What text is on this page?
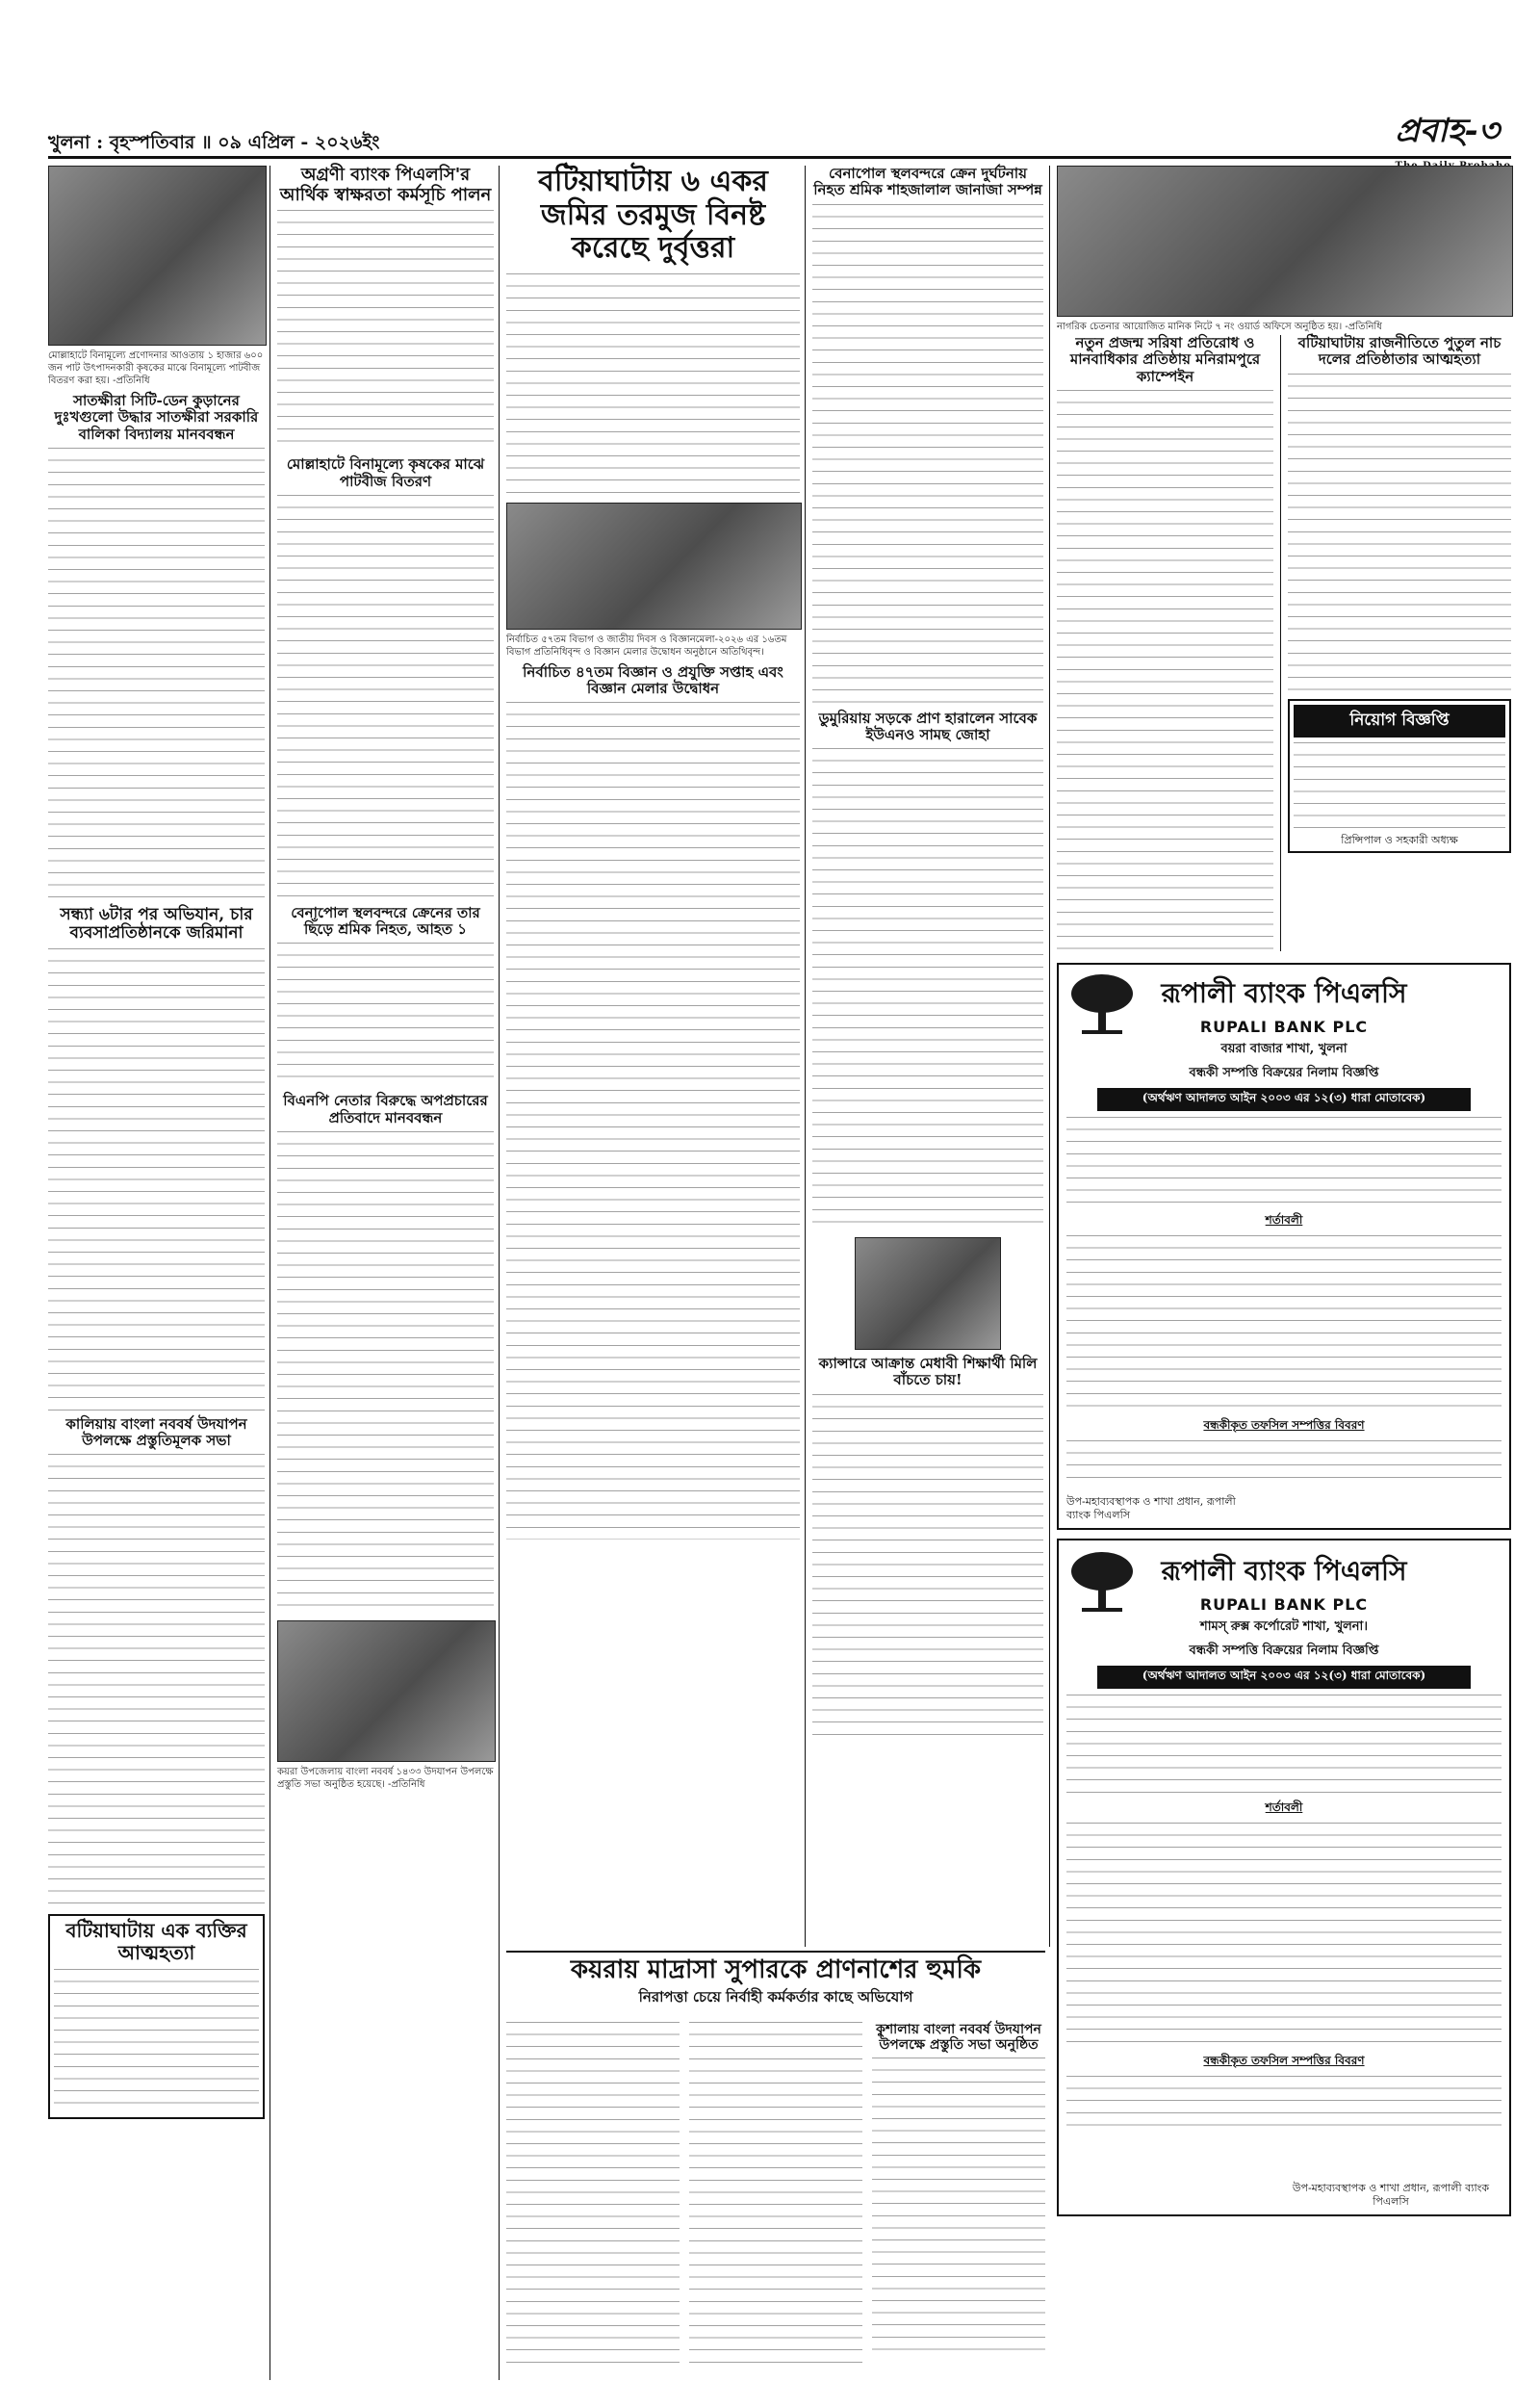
খুলনা : বৃহস্পতিবার ॥ ০৯ এপ্রিল - ২০২৬ইং	প্রবাহ-৩
মোল্লাহাটে বিনামূল্যে প্রণোদনার আওতায় ১ হাজার ৬০০ জন পাট উৎপাদনকারী কৃষকের মাঝে বিনামূল্যে পাটবীজ বিতরণ করা হয়। -প্রতিনিধি
সাতক্ষীরা সিটি-ডেন কুড়ানের দুঃখগুলো উদ্ধার সাতক্ষীরা সরকারি বালিকা বিদ্যালয় মানববন্ধন
সন্ধ্যা ৬টার পর অভিযান, চার ব্যবসাপ্রতিষ্ঠানকে জরিমানা
কালিয়ায় বাংলা নববর্ষ উদযাপন উপলক্ষে প্রস্তুতিমূলক সভা
বটিয়াঘাটায় এক ব্যক্তির আত্মহত্যা
অগ্রণী ব্যাংক পিএলসি'র আর্থিক স্বাক্ষরতা কর্মসূচি পালন
মোল্লাহাটে বিনামূল্যে কৃষকের মাঝে পাটবীজ বিতরণ
বেনাপোল স্থলবন্দরে ক্রেনের তার ছিঁড়ে শ্রমিক নিহত, আহত ১
বিএনপি নেতার বিরুদ্ধে অপপ্রচারের প্রতিবাদে মানববন্ধন
কয়রা উপজেলায় বাংলা নববর্ষ ১৪৩৩ উদযাপন উপলক্ষে প্রস্তুতি সভা অনুষ্ঠিত হয়েছে। -প্রতিনিধি
বটিয়াঘাটায় ৬ একর জমির তরমুজ বিনষ্ট করেছে দুর্বৃত্তরা
নির্বাচিত ৫৭তম বিভাগ ও জাতীয় দিবস ও বিজ্ঞানমেলা-২০২৬ এর ১৬তম বিভাগ প্রতিনিধিবৃন্দ ও বিজ্ঞান মেলার উদ্বোধন অনুষ্ঠানে অতিথিবৃন্দ।
নির্বাচিত ৪৭তম বিজ্ঞান ও প্রযুক্তি সপ্তাহ এবং বিজ্ঞান মেলার উদ্বোধন
বেনাপোল স্থলবন্দরে ক্রেন দুর্ঘটনায় নিহত শ্রমিক শাহজালাল জানাজা সম্পন্ন
ডুমুরিয়ায় সড়কে প্রাণ হারালেন সাবেক ইউএনও সামছ জোহা
ক্যান্সারে আক্রান্ত মেধাবী শিক্ষার্থী মিলি বাঁচতে চায়!
নাগরিক চেতনার আয়োজিত মানিক নিটে ৭ নং ওয়ার্ড অফিসে অনুষ্ঠিত হয়। -প্রতিনিধি
নতুন প্রজন্ম সরিষা প্রতিরোধ ও মানবাধিকার প্রতিষ্ঠায় মনিরামপুরে ক্যাম্পেইন
বটিয়াঘাটায় রাজনীতিতে পুতুল নাচ দলের প্রতিষ্ঠাতার আত্মহত্যা
নিয়োগ বিজ্ঞপ্তি
প্রিন্সিপাল ও সহকারী অধ্যক্ষ
রূপালী ব্যাংক পিএলসি
RUPALI BANK PLC
বয়রা বাজার শাখা, খুলনা
বন্ধকী সম্পত্তি বিক্রয়ের নিলাম বিজ্ঞপ্তি
(অর্থঋণ আদালত আইন ২০০৩ এর ১২(৩) ধারা মোতাবেক)
শর্তাবলী
বন্ধকীকৃত তফসিল সম্পত্তির বিবরণ
উপ-মহাব্যবস্থাপক ও শাখা প্রধান, রূপালী ব্যাংক পিএলসি
রূপালী ব্যাংক পিএলসি
RUPALI BANK PLC
শামস্ রুক্স কর্পোরেট শাখা, খুলনা।
বন্ধকী সম্পত্তি বিক্রয়ের নিলাম বিজ্ঞপ্তি
(অর্থঋণ আদালত আইন ২০০৩ এর ১২(৩) ধারা মোতাবেক)
শর্তাবলী
বন্ধকীকৃত তফসিল সম্পত্তির বিবরণ
উপ-মহাব্যবস্থাপক ও শাখা প্রধান, রূপালী ব্যাংক পিএলসি
কয়রায় মাদ্রাসা সুপারকে প্রাণনাশের হুমকি
নিরাপত্তা চেয়ে নির্বাহী কর্মকর্তার কাছে অভিযোগ
কুশালায় বাংলা নববর্ষ উদযাপন উপলক্ষে প্রস্তুতি সভা অনুষ্ঠিত
